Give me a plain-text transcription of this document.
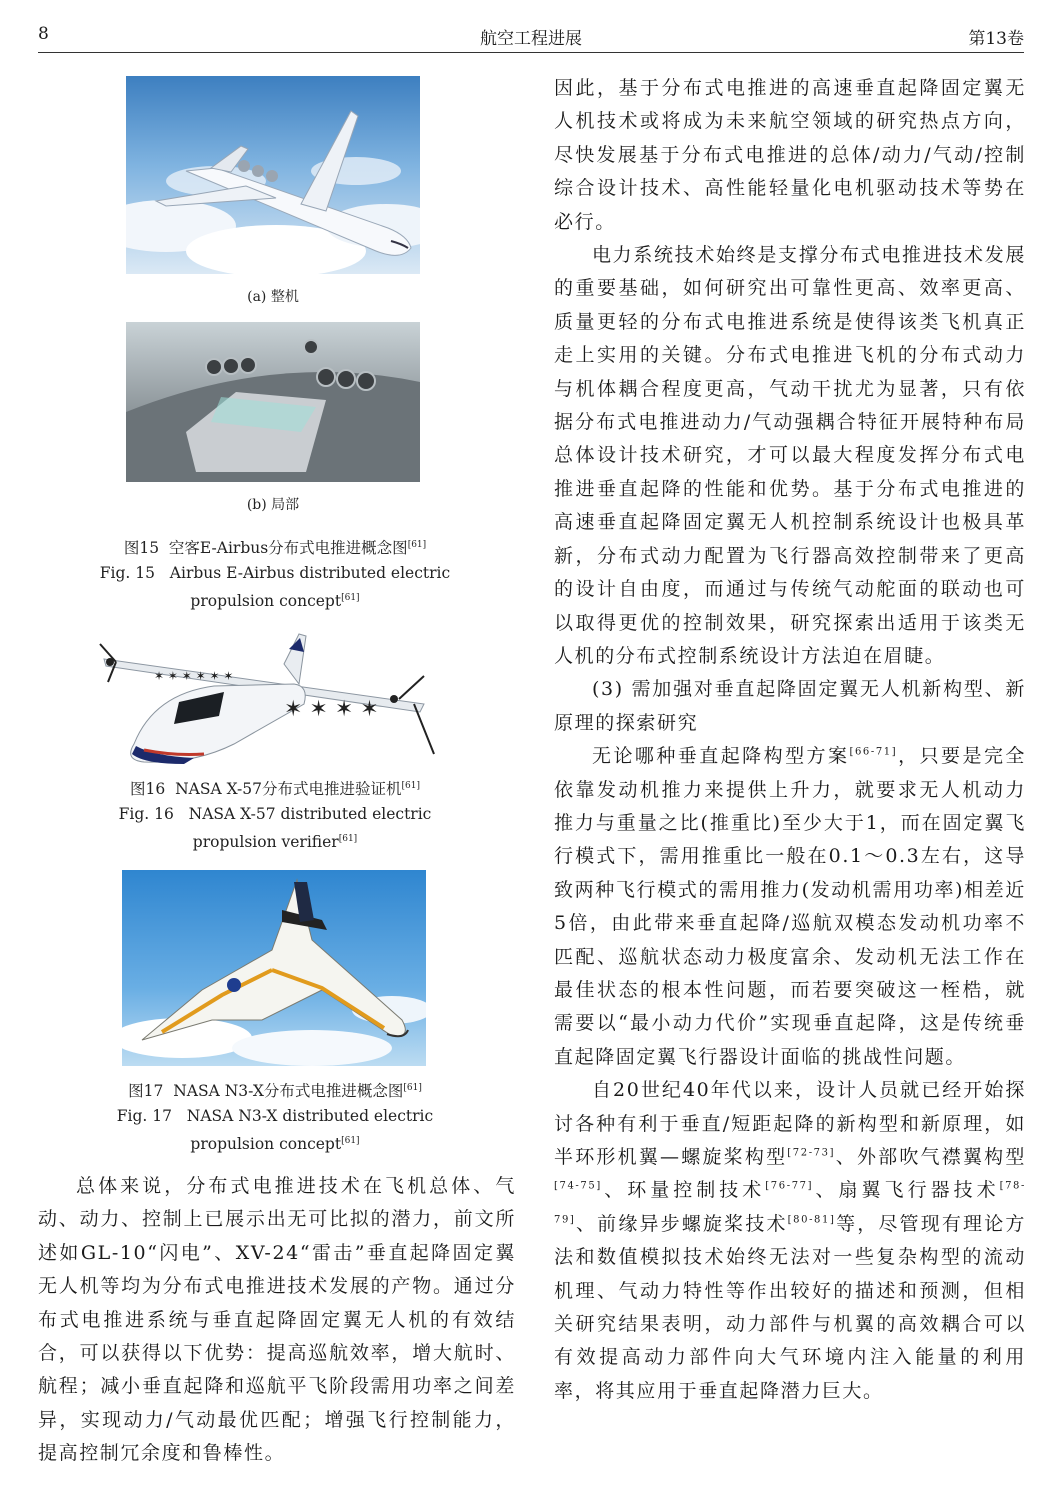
8	航空工程进展	第13卷
(a) 整机
(b) 局部
图15 空客E-Airbus分布式电推进概念图[61]
Fig. 15 Airbus E-Airbus distributed electric
propulsion concept[61]
✶ ✶ ✶ ✶
✶ ✶ ✶ ✶ ✶ ✶
图16 NASA X-57分布式电推进验证机[61]
Fig. 16 NASA X-57 distributed electric
propulsion verifier[61]
图17 NASA N3-X分布式电推进概念图[61]
Fig. 17 NASA N3-X distributed electric
propulsion concept[61]

总体来说，分布式电推进技术在飞机总体、气动、动力、控制上已展示出无可比拟的潜力，前文所述如GL-10“闪电”、XV-24“雷击”垂直起降固定翼无人机等均为分布式电推进技术发展的产物。通过分布式电推进系统与垂直起降固定翼无人机的有效结合，可以获得以下优势：提高巡航效率，增大航时、航程；减小垂直起降和巡航平飞阶段需用功率之间差异，实现动力/气动最优匹配；增强飞行控制能力，提高控制冗余度和鲁棒性。

因此，基于分布式电推进的高速垂直起降固定翼无人机技术或将成为未来航空领域的研究热点方向，尽快发展基于分布式电推进的总体/动力/气动/控制综合设计技术、高性能轻量化电机驱动技术等势在必行。

电力系统技术始终是支撑分布式电推进技术发展的重要基础，如何研究出可靠性更高、效率更高、质量更轻的分布式电推进系统是使得该类飞机真正走上实用的关键。分布式电推进飞机的分布式动力与机体耦合程度更高，气动干扰尤为显著，只有依据分布式电推进动力/气动强耦合特征开展特种布局总体设计技术研究，才可以最大程度发挥分布式电推进垂直起降的性能和优势。基于分布式电推进的高速垂直起降固定翼无人机控制系统设计也极具革新，分布式动力配置为飞行器高效控制带来了更高的设计自由度，而通过与传统气动舵面的联动也可以取得更优的控制效果，研究探索出适用于该类无人机的分布式控制系统设计方法迫在眉睫。

(3) 需加强对垂直起降固定翼无人机新构型、新原理的探索研究

无论哪种垂直起降构型方案[66-71]，只要是完全依靠发动机推力来提供上升力，就要求无人机动力推力与重量之比(推重比)至少大于1，而在固定翼飞行模式下，需用推重比一般在0.1～0.3左右，这导致两种飞行模式的需用推力(发动机需用功率)相差近5倍，由此带来垂直起降/巡航双模态发动机功率不匹配、巡航状态动力极度富余、发动机无法工作在最佳状态的根本性问题，而若要突破这一桎梏，就需要以“最小动力代价”实现垂直起降，这是传统垂直起降固定翼飞行器设计面临的挑战性问题。

自20世纪40年代以来，设计人员就已经开始探讨各种有利于垂直/短距起降的新构型和新原理，如半环形机翼—螺旋桨构型[72-73]、外部吹气襟翼构型[74-75]、环量控制技术[76-77]、扇翼飞行器技术[78-79]、前缘异步螺旋桨技术[80-81]等，尽管现有理论方法和数值模拟技术始终无法对一些复杂构型的流动机理、气动力特性等作出较好的描述和预测，但相关研究结果表明，动力部件与机翼的高效耦合可以有效提高动力部件向大气环境内注入能量的利用率，将其应用于垂直起降潜力巨大。
